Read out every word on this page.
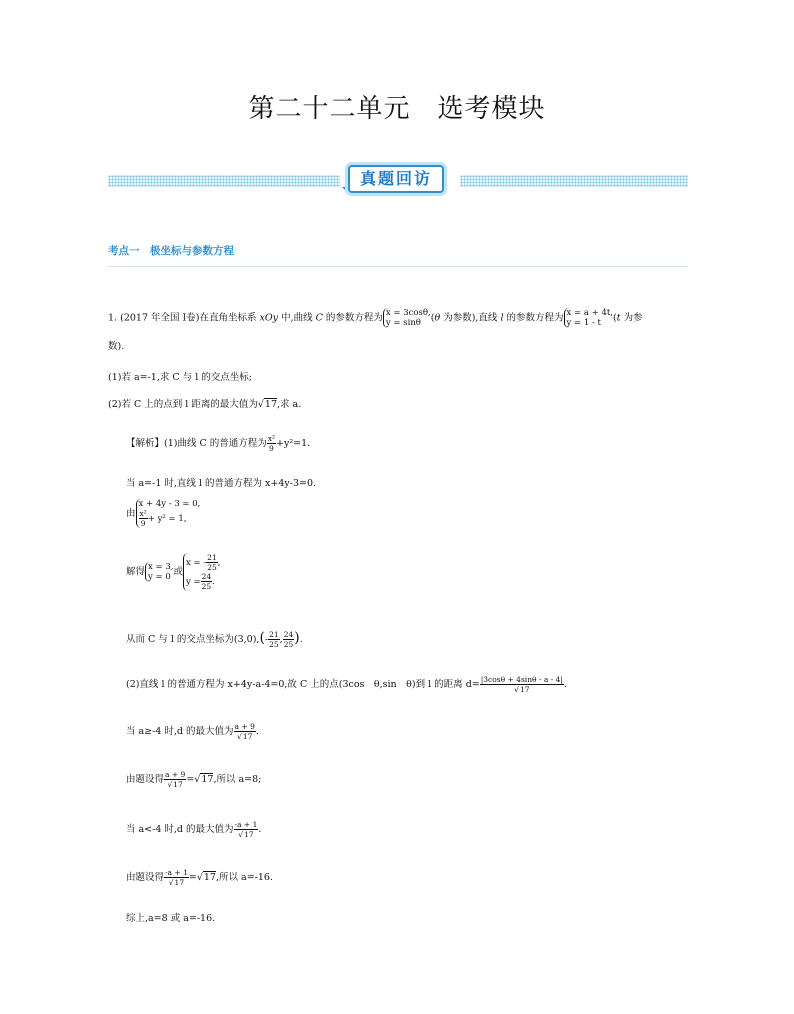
第二十二单元　选考模块
真题回访
考点一　极坐标与参数方程
1. (2017 年全国 Ⅰ卷)在直角坐标系 xOy 中,曲线 C 的参数方程为 x = 3cosθ,
y = sinθ	(θ 为参数),直线 l 的参数方程为 x = a + 4t,
y = 1 - t	(t 为参
数).
(1)若 a=-1,求 C 与 l 的交点坐标;
(2)若 C 上的点到 l 距离的最大值为√17,求 a.
【解析】(1)曲线 C 的普通方程为 $\frac{\text{x²}}{9} +y^2=1$.
当 a=-1 时,直线 l 的普通方程为 x+4y-3=0.
由
x + 4y - 3 = 0,
$\frac{\text{x²}}{9} + y^2 = 1$,
解得 x = 3,
y = 0 或
x = - $\frac{21}{25}$ ,
$y = \frac{24}{25}$ .
从而 C 与 l 的交点坐标为$(3,0),(- \frac{21}{25}$ , $\frac{24}{25}$ ).
(2)直线 l 的普通方程为 x+4y-a-4=0,故 C 上的点(3cos　θ,sin　θ)到 l 的距离 $d= \frac{|3\cos\theta + 4\sin\theta - a - 4|}{√17}$ .
当 a≥-4 时,d 的最大值为 $\frac{a + 9}{√17}$ .
由题设得 $\frac{a + 9}{√17} =√17$,所以 a=8;
当 a<-4 时,d 的最大值为 $\frac{-a + 1}{√17}$ .
由题设得 $\frac{-a + 1}{√17} =√17$,所以 a=-16.
综上,a=8 或 a=-16.
